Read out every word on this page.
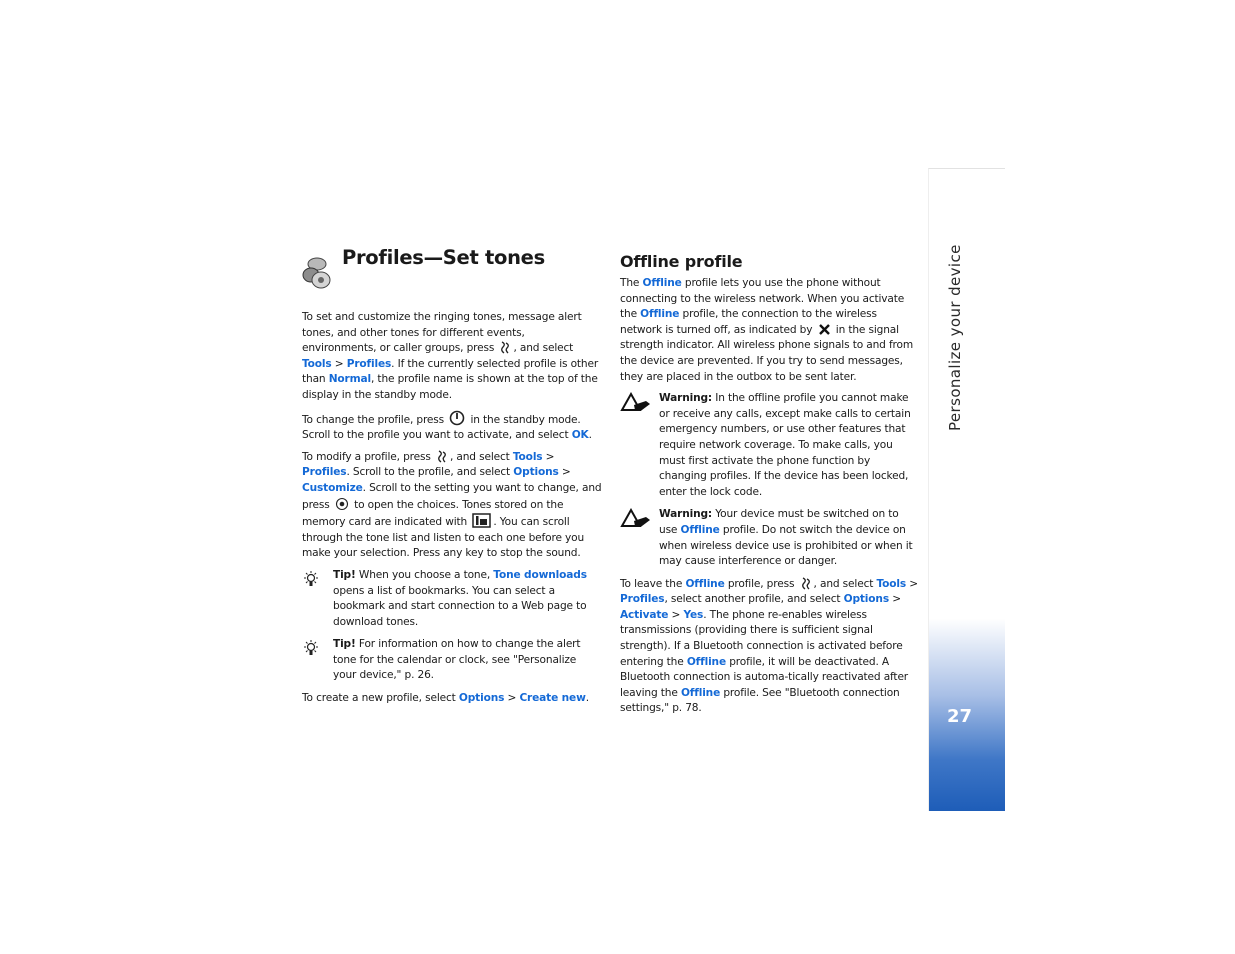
Profiles—Set tones

To set and customize the ringing tones, message alert tones, and other tones for different events, environments, or caller groups, press , and select Tools > Profiles. If the currently selected profile is other than Normal, the profile name is shown at the top of the display in the standby mode.

To change the profile, press  in the standby mode. Scroll to the profile you want to activate, and select OK.

To modify a profile, press , and select Tools > Profiles. Scroll to the profile, and select Options > Customize. Scroll to the setting you want to change, and press  to open the choices. Tones stored on the memory card are indicated with . You can scroll through the tone list and listen to each one before you make your selection. Press any key to stop the sound.

Tip! When you choose a tone, Tone downloads opens a list of bookmarks. You can select a bookmark and start connection to a Web page to download tones.
Tip! For information on how to change the alert tone for the calendar or clock, see "Personalize your device," p. 26.

To create a new profile, select Options > Create new.

Offline profile

The Offline profile lets you use the phone without connecting to the wireless network. When you activate the Offline profile, the connection to the wireless network is turned off, as indicated by  in the signal strength indicator. All wireless phone signals to and from the device are prevented. If you try to send messages, they are placed in the outbox to be sent later.

Warning: In the offline profile you cannot make or receive any calls, except make calls to certain emergency numbers, or use other features that require network coverage. To make calls, you must first activate the phone function by changing profiles. If the device has been locked, enter the lock code.
Warning: Your device must be switched on to use Offline profile. Do not switch the device on when wireless device use is prohibited or when it may cause interference or danger.

To leave the Offline profile, press , and select Tools > Profiles, select another profile, and select Options > Activate > Yes. The phone re-enables wireless transmissions (providing there is sufficient signal strength). If a Bluetooth connection is activated before entering the Offline profile, it will be deactivated. A Bluetooth connection is automa-tically reactivated after leaving the Offline profile. See "Bluetooth connection settings," p. 78.

Personalize your device
27
